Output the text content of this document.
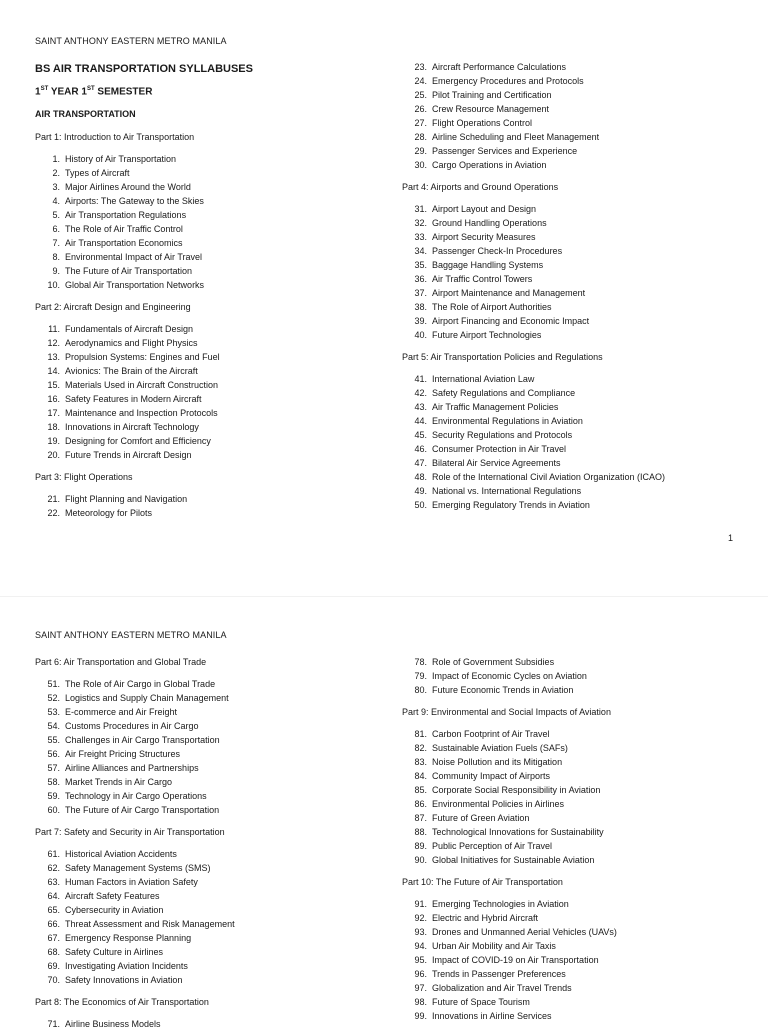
SAINT ANTHONY EASTERN METRO MANILA
BS AIR TRANSPORTATION SYLLABUSES
1ST YEAR 1ST SEMESTER
AIR TRANSPORTATION
Part 1: Introduction to Air Transportation
1. History of Air Transportation
2. Types of Aircraft
3. Major Airlines Around the World
4. Airports: The Gateway to the Skies
5. Air Transportation Regulations
6. The Role of Air Traffic Control
7. Air Transportation Economics
8. Environmental Impact of Air Travel
9. The Future of Air Transportation
10. Global Air Transportation Networks
Part 2: Aircraft Design and Engineering
11. Fundamentals of Aircraft Design
12. Aerodynamics and Flight Physics
13. Propulsion Systems: Engines and Fuel
14. Avionics: The Brain of the Aircraft
15. Materials Used in Aircraft Construction
16. Safety Features in Modern Aircraft
17. Maintenance and Inspection Protocols
18. Innovations in Aircraft Technology
19. Designing for Comfort and Efficiency
20. Future Trends in Aircraft Design
Part 3: Flight Operations
21. Flight Planning and Navigation
22. Meteorology for Pilots
23. Aircraft Performance Calculations
24. Emergency Procedures and Protocols
25. Pilot Training and Certification
26. Crew Resource Management
27. Flight Operations Control
28. Airline Scheduling and Fleet Management
29. Passenger Services and Experience
30. Cargo Operations in Aviation
Part 4: Airports and Ground Operations
31. Airport Layout and Design
32. Ground Handling Operations
33. Airport Security Measures
34. Passenger Check-In Procedures
35. Baggage Handling Systems
36. Air Traffic Control Towers
37. Airport Maintenance and Management
38. The Role of Airport Authorities
39. Airport Financing and Economic Impact
40. Future Airport Technologies
Part 5: Air Transportation Policies and Regulations
41. International Aviation Law
42. Safety Regulations and Compliance
43. Air Traffic Management Policies
44. Environmental Regulations in Aviation
45. Security Regulations and Protocols
46. Consumer Protection in Air Travel
47. Bilateral Air Service Agreements
48. Role of the International Civil Aviation Organization (ICAO)
49. National vs. International Regulations
50. Emerging Regulatory Trends in Aviation
1
SAINT ANTHONY EASTERN METRO MANILA
Part 6: Air Transportation and Global Trade
51. The Role of Air Cargo in Global Trade
52. Logistics and Supply Chain Management
53. E-commerce and Air Freight
54. Customs Procedures in Air Cargo
55. Challenges in Air Cargo Transportation
56. Air Freight Pricing Structures
57. Airline Alliances and Partnerships
58. Market Trends in Air Cargo
59. Technology in Air Cargo Operations
60. The Future of Air Cargo Transportation
Part 7: Safety and Security in Air Transportation
61. Historical Aviation Accidents
62. Safety Management Systems (SMS)
63. Human Factors in Aviation Safety
64. Aircraft Safety Features
65. Cybersecurity in Aviation
66. Threat Assessment and Risk Management
67. Emergency Response Planning
68. Safety Culture in Airlines
69. Investigating Aviation Incidents
70. Safety Innovations in Aviation
Part 8: The Economics of Air Transportation
71. Airline Business Models
78. Role of Government Subsidies
79. Impact of Economic Cycles on Aviation
80. Future Economic Trends in Aviation
Part 9: Environmental and Social Impacts of Aviation
81. Carbon Footprint of Air Travel
82. Sustainable Aviation Fuels (SAFs)
83. Noise Pollution and its Mitigation
84. Community Impact of Airports
85. Corporate Social Responsibility in Aviation
86. Environmental Policies in Airlines
87. Future of Green Aviation
88. Technological Innovations for Sustainability
89. Public Perception of Air Travel
90. Global Initiatives for Sustainable Aviation
Part 10: The Future of Air Transportation
91. Emerging Technologies in Aviation
92. Electric and Hybrid Aircraft
93. Drones and Unmanned Aerial Vehicles (UAVs)
94. Urban Air Mobility and Air Taxis
95. Impact of COVID-19 on Air Transportation
96. Trends in Passenger Preferences
97. Globalization and Air Travel Trends
98. Future of Space Tourism
99. Innovations in Airline Services
